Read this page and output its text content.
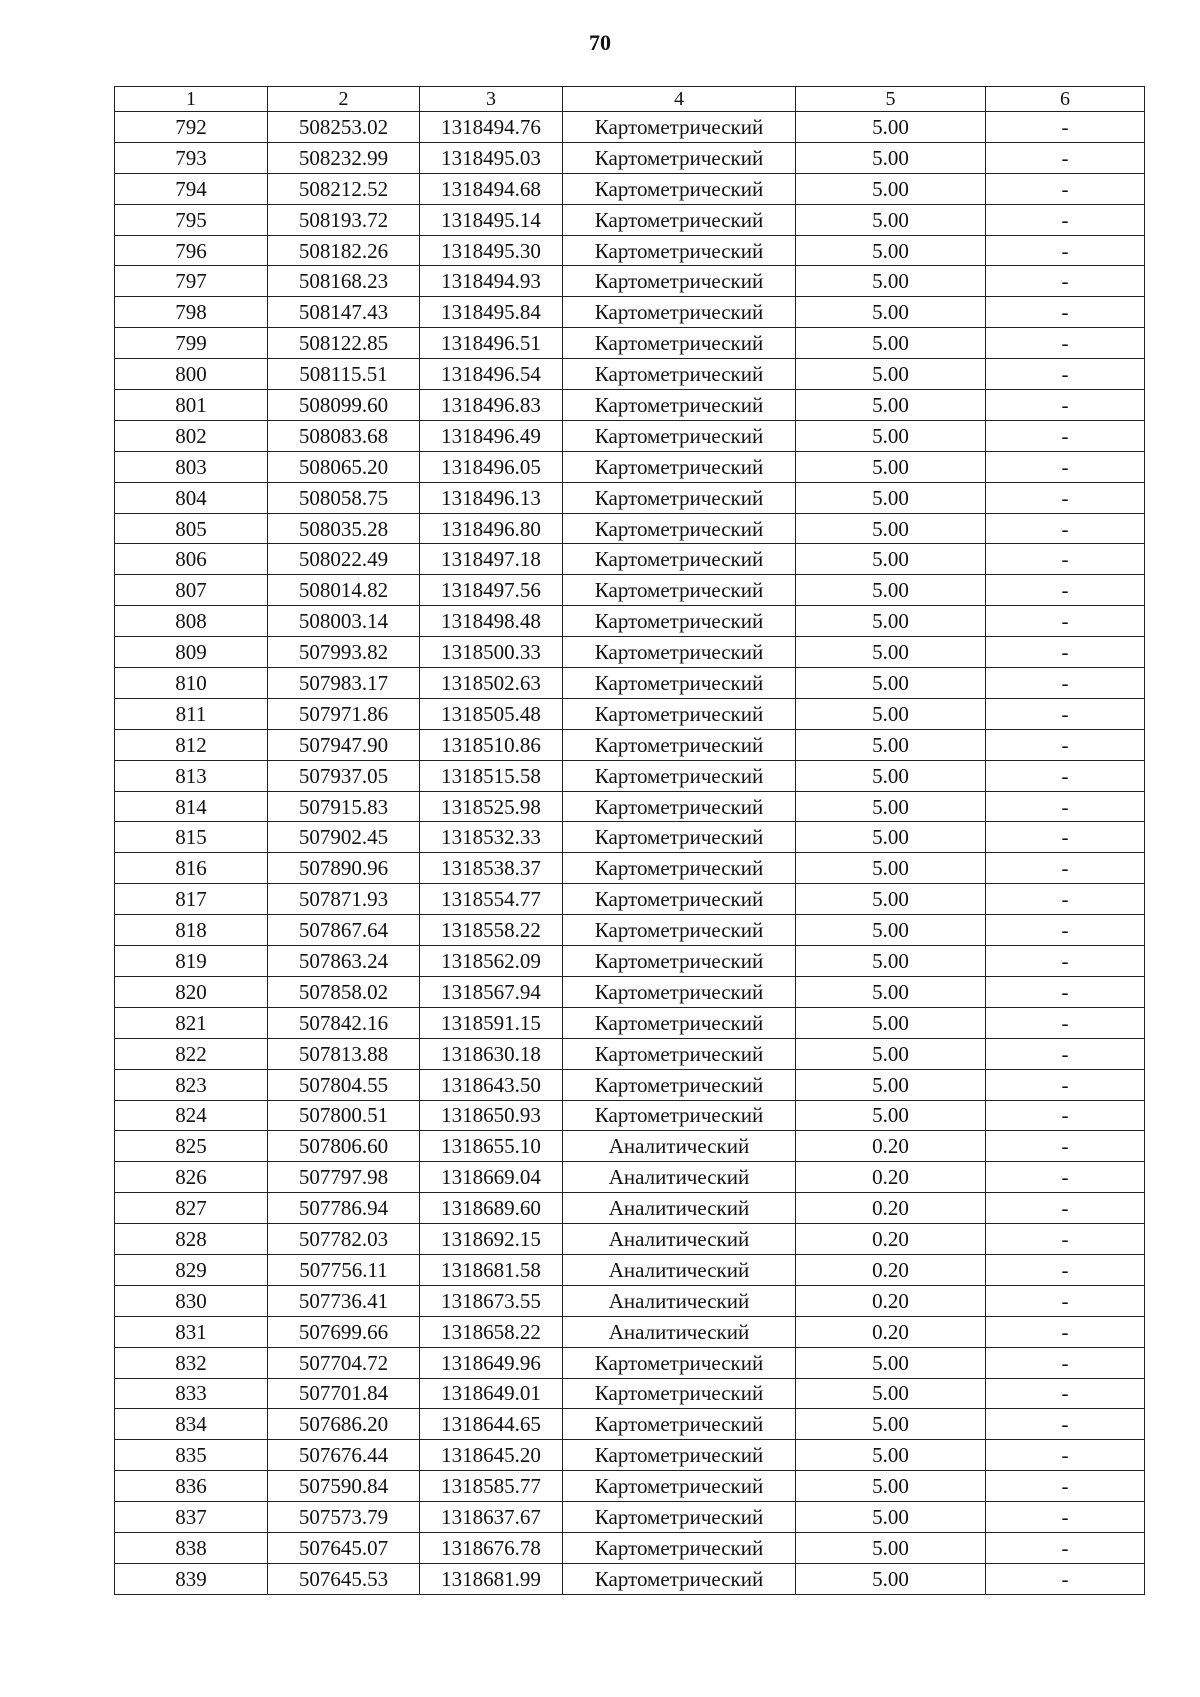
70
1	2	3	4	5	6
792	508253.02	1318494.76	Картометрический	5.00	-
793	508232.99	1318495.03	Картометрический	5.00	-
794	508212.52	1318494.68	Картометрический	5.00	-
795	508193.72	1318495.14	Картометрический	5.00	-
796	508182.26	1318495.30	Картометрический	5.00	-
797	508168.23	1318494.93	Картометрический	5.00	-
798	508147.43	1318495.84	Картометрический	5.00	-
799	508122.85	1318496.51	Картометрический	5.00	-
800	508115.51	1318496.54	Картометрический	5.00	-
801	508099.60	1318496.83	Картометрический	5.00	-
802	508083.68	1318496.49	Картометрический	5.00	-
803	508065.20	1318496.05	Картометрический	5.00	-
804	508058.75	1318496.13	Картометрический	5.00	-
805	508035.28	1318496.80	Картометрический	5.00	-
806	508022.49	1318497.18	Картометрический	5.00	-
807	508014.82	1318497.56	Картометрический	5.00	-
808	508003.14	1318498.48	Картометрический	5.00	-
809	507993.82	1318500.33	Картометрический	5.00	-
810	507983.17	1318502.63	Картометрический	5.00	-
811	507971.86	1318505.48	Картометрический	5.00	-
812	507947.90	1318510.86	Картометрический	5.00	-
813	507937.05	1318515.58	Картометрический	5.00	-
814	507915.83	1318525.98	Картометрический	5.00	-
815	507902.45	1318532.33	Картометрический	5.00	-
816	507890.96	1318538.37	Картометрический	5.00	-
817	507871.93	1318554.77	Картометрический	5.00	-
818	507867.64	1318558.22	Картометрический	5.00	-
819	507863.24	1318562.09	Картометрический	5.00	-
820	507858.02	1318567.94	Картометрический	5.00	-
821	507842.16	1318591.15	Картометрический	5.00	-
822	507813.88	1318630.18	Картометрический	5.00	-
823	507804.55	1318643.50	Картометрический	5.00	-
824	507800.51	1318650.93	Картометрический	5.00	-
825	507806.60	1318655.10	Аналитический	0.20	-
826	507797.98	1318669.04	Аналитический	0.20	-
827	507786.94	1318689.60	Аналитический	0.20	-
828	507782.03	1318692.15	Аналитический	0.20	-
829	507756.11	1318681.58	Аналитический	0.20	-
830	507736.41	1318673.55	Аналитический	0.20	-
831	507699.66	1318658.22	Аналитический	0.20	-
832	507704.72	1318649.96	Картометрический	5.00	-
833	507701.84	1318649.01	Картометрический	5.00	-
834	507686.20	1318644.65	Картометрический	5.00	-
835	507676.44	1318645.20	Картометрический	5.00	-
836	507590.84	1318585.77	Картометрический	5.00	-
837	507573.79	1318637.67	Картометрический	5.00	-
838	507645.07	1318676.78	Картометрический	5.00	-
839	507645.53	1318681.99	Картометрический	5.00	-
